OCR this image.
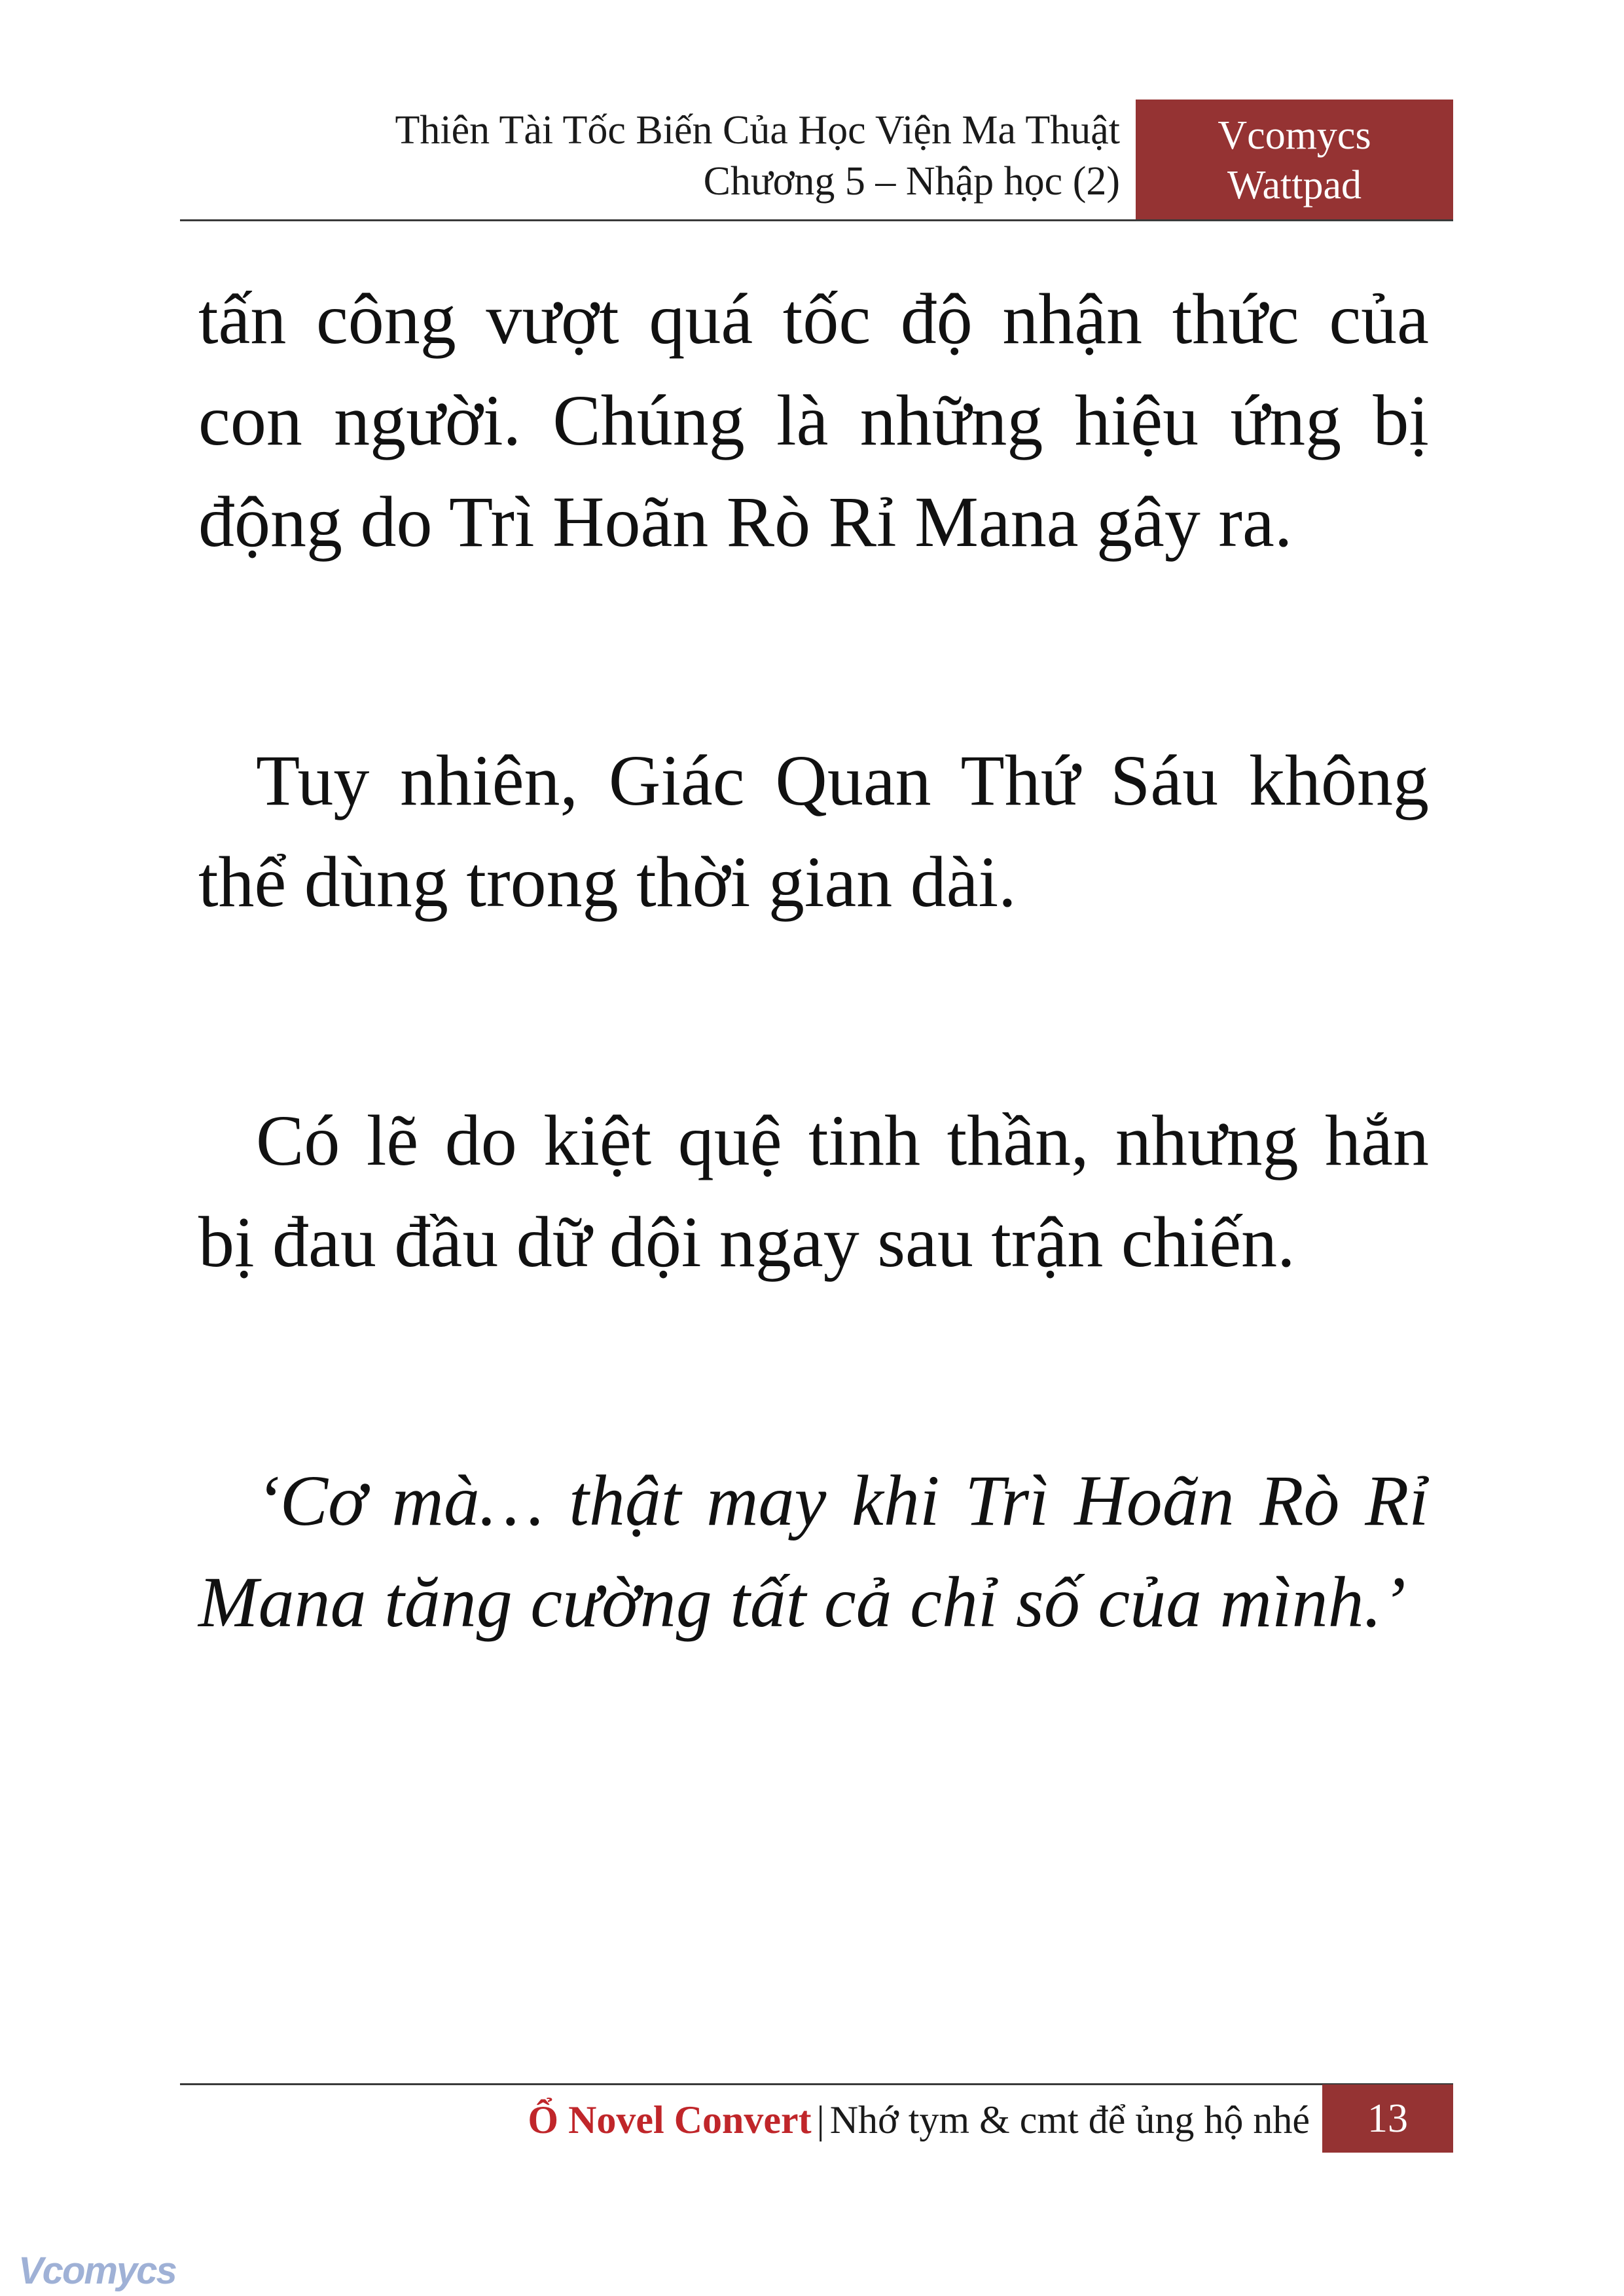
Thiên Tài Tốc Biến Của Học Viện Ma Thuật
Chương 5 – Nhập học (2)
Vcomycs
Wattpad

tấn công vượt quá tốc độ nhận thức của con người. Chúng là những hiệu ứng bị động do Trì Hoãn Rò Rỉ Mana gây ra.

Tuy nhiên, Giác Quan Thứ Sáu không thể dùng trong thời gian dài.

Có lẽ do kiệt quệ tinh thần, nhưng hắn bị đau đầu dữ dội ngay sau trận chiến.

‘Cơ mà… thật may khi Trì Hoãn Rò Rỉ Mana tăng cường tất cả chỉ số của mình.’

Ổ Novel Convert | Nhớ tym & cmt để ủng hộ nhé 13
Vcomycs
